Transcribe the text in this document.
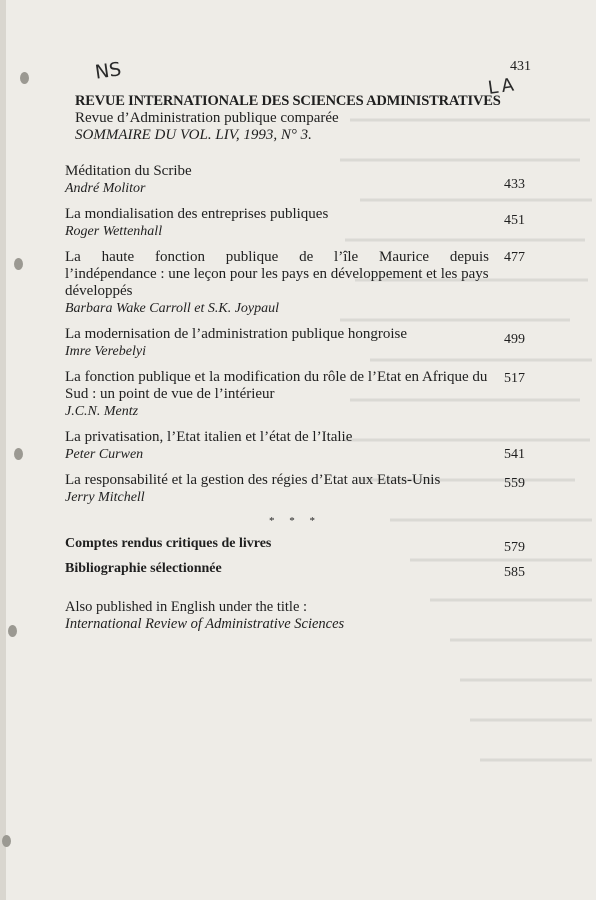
431
NS
LA
REVUE INTERNATIONALE DES SCIENCES ADMINISTRATIVES
Revue d’Administration publique comparée
SOMMAIRE DU VOL. LIV, 1993, N° 3.
Méditation du Scribe
André Molitor	433
La mondialisation des entreprises publiques
Roger Wettenhall
451
La haute fonction publique de l’île Maurice depuis
l’indépendance : une leçon pour les pays en développement et les pays développés
Barbara Wake Carroll et S.K. Joypaul
477
La modernisation de l’administration publique hongroise
Imre Verebelyi
499
La fonction publique et la modification du rôle de l’Etat en Afrique du Sud : un point de vue de l’intérieur
J.C.N. Mentz
517
La privatisation, l’Etat italien et l’état de l’Italie
Peter Curwen	541
La responsabilité et la gestion des régies d’Etat aux Etats-Unis
Jerry Mitchell
559
* * *
Comptes rendus critiques de livres	579
Bibliographie sélectionnée	585
Also published in English under the title :
International Review of Administrative Sciences
